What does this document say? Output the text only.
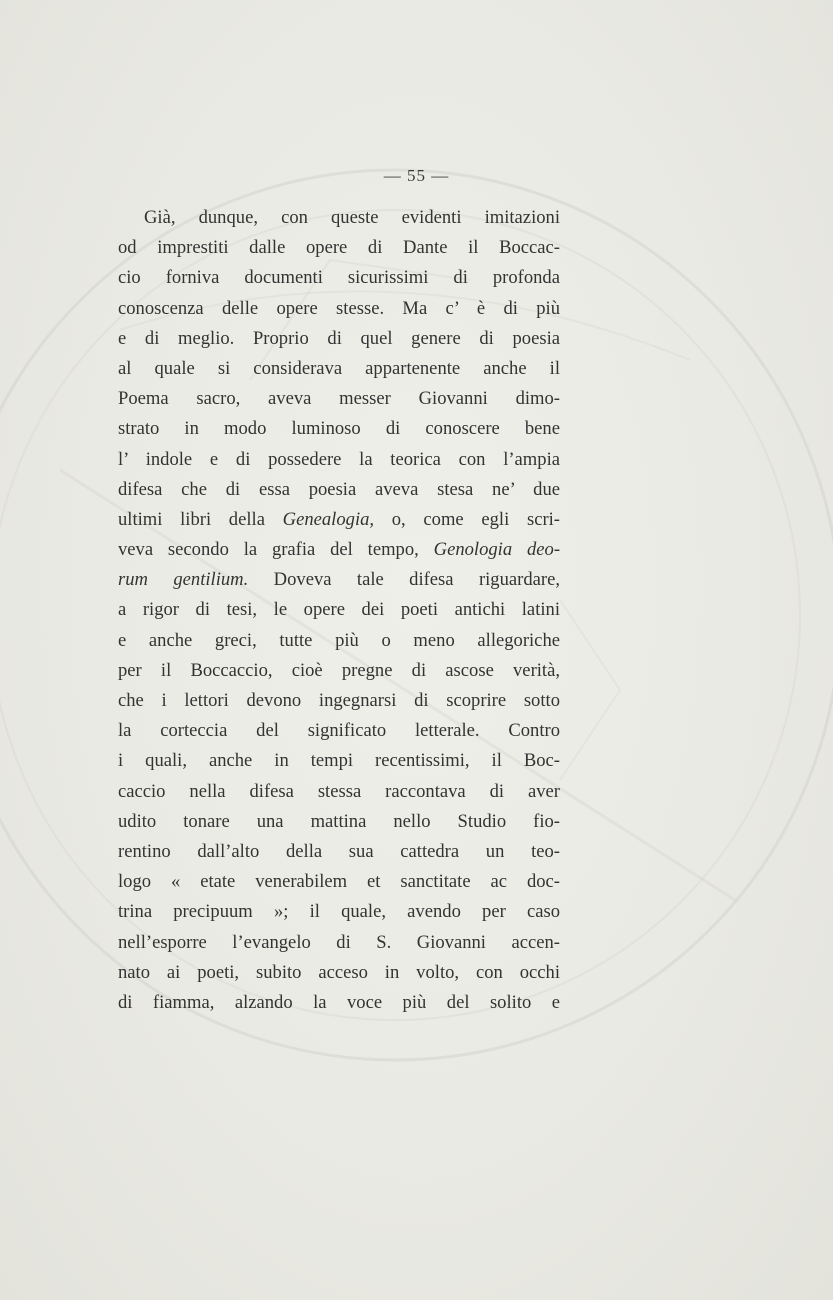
— 55 —
Già, dunque, con queste evidenti imitazioni
od imprestiti dalle opere di Dante il Boccac-
cio forniva documenti sicurissimi di profonda
conoscenza delle opere stesse. Ma c’ è di più
e di meglio. Proprio di quel genere di poesia
al quale si considerava appartenente anche il
Poema sacro, aveva messer Giovanni dimo-
strato in modo luminoso di conoscere bene
l’ indole e di possedere la teorica con l’ampia
difesa che di essa poesia aveva stesa ne’ due
ultimi libri della Genealogia, o, come egli scri-
veva secondo la grafia del tempo, Genologia deo-
rum gentilium. Doveva tale difesa riguardare,
a rigor di tesi, le opere dei poeti antichi latini
e anche greci, tutte più o meno allegoriche
per il Boccaccio, cioè pregne di ascose verità,
che i lettori devono ingegnarsi di scoprire sotto
la corteccia del significato letterale. Contro
i quali, anche in tempi recentissimi, il Boc-
caccio nella difesa stessa raccontava di aver
udito tonare una mattina nello Studio fio-
rentino dall’alto della sua cattedra un teo-
logo « etate venerabilem et sanctitate ac doc-
trina precipuum »; il quale, avendo per caso
nell’esporre l’evangelo di S. Giovanni accen-
nato ai poeti, subito acceso in volto, con occhi
di fiamma, alzando la voce più del solito e
